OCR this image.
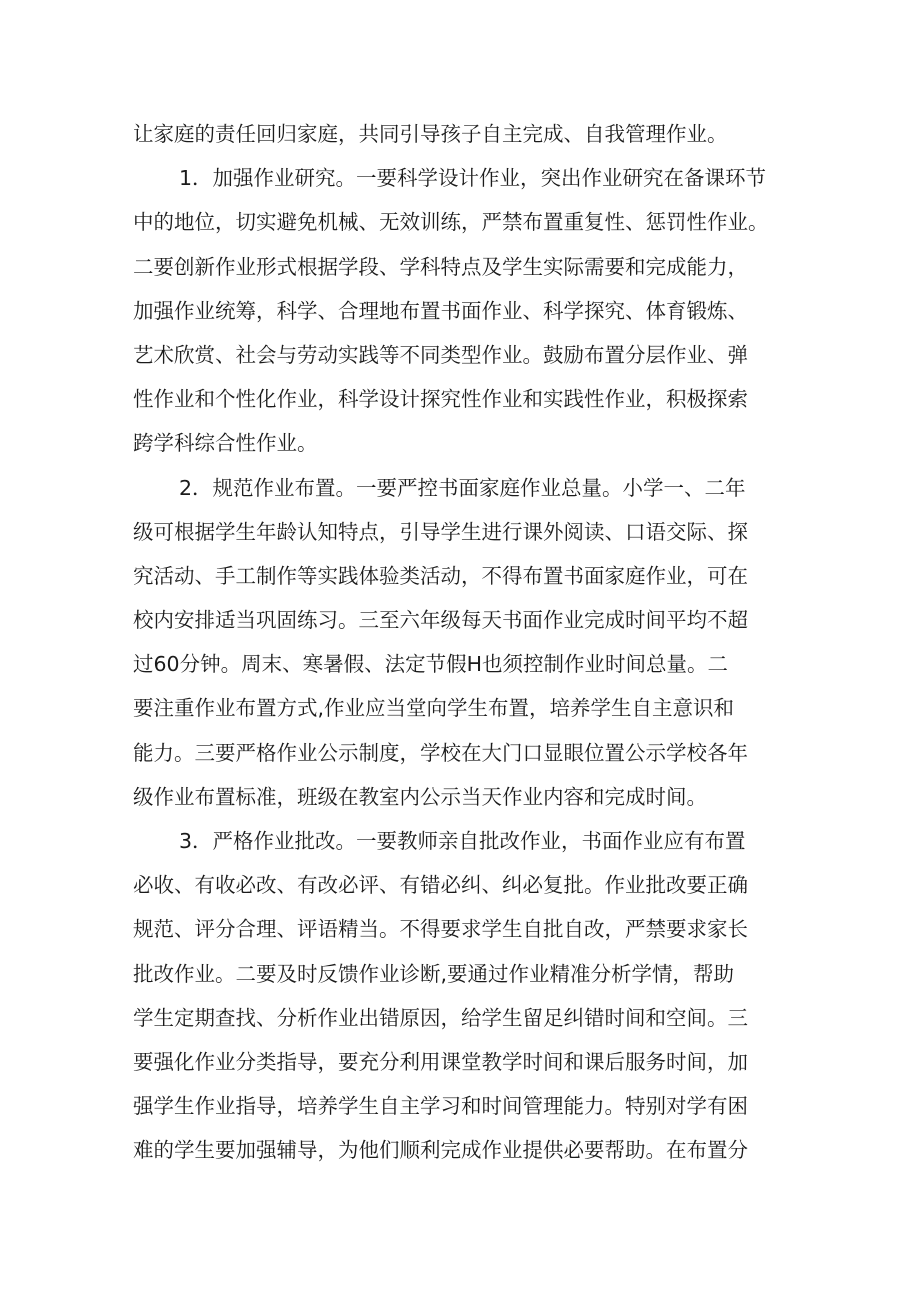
让家庭的责任回归家庭，共同引导孩子自主完成、自我管理作业。
1．加强作业研究。一要科学设计作业，突出作业研究在备课环节
中的地位，切实避免机械、无效训练，严禁布置重复性、惩罚性作业。
二要创新作业形式根据学段、学科特点及学生实际需要和完成能力，
加强作业统筹，科学、合理地布置书面作业、科学探究、体育锻炼、
艺术欣赏、社会与劳动实践等不同类型作业。鼓励布置分层作业、弹
性作业和个性化作业，科学设计探究性作业和实践性作业，积极探索
跨学科综合性作业。
2．规范作业布置。一要严控书面家庭作业总量。小学一、二年
级可根据学生年龄认知特点，引导学生进行课外阅读、口语交际、探
究活动、手工制作等实践体验类活动，不得布置书面家庭作业，可在
校内安排适当巩固练习。三至六年级每天书面作业完成时间平均不超
过60分钟。周末、寒暑假、法定节假H也须控制作业时间总量。二
要注重作业布置方式,作业应当堂向学生布置，培养学生自主意识和
能力。三要严格作业公示制度，学校在大门口显眼位置公示学校各年
级作业布置标准，班级在教室内公示当天作业内容和完成时间。
3．严格作业批改。一要教师亲自批改作业，书面作业应有布置
必收、有收必改、有改必评、有错必纠、纠必复批。作业批改要正确
规范、评分合理、评语精当。不得要求学生自批自改，严禁要求家长
批改作业。二要及时反馈作业诊断,要通过作业精准分析学情，帮助
学生定期查找、分析作业出错原因，给学生留足纠错时间和空间。三
要强化作业分类指导，要充分利用课堂教学时间和课后服务时间，加
强学生作业指导，培养学生自主学习和时间管理能力。特别对学有困
难的学生要加强辅导，为他们顺利完成作业提供必要帮助。在布置分
